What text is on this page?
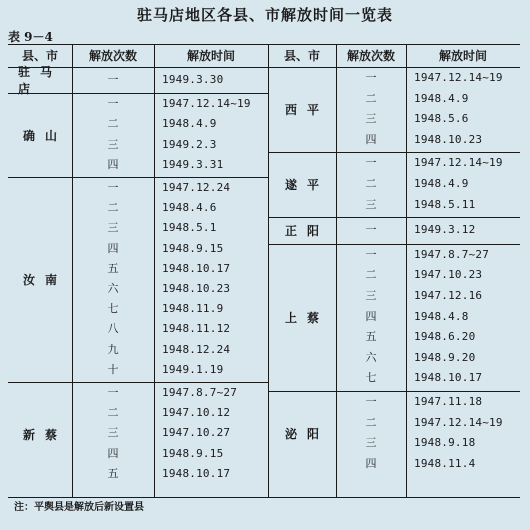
驻马店地区各县、市解放时间一览表
表 9－4
县、市	解放次数	解放时间
驻马店
一	1949.3.30
确山
一	1947.12.14~19
二	1948.4.9
三	1949.2.3
四	1949.3.31
汝南
一	1947.12.24
二	1948.4.6
三	1948.5.1
四	1948.9.15
五	1948.10.17
六	1948.10.23
七	1948.11.9
八	1948.11.12
九	1948.12.24
十	1949.1.19
新蔡
一	1947.8.7~27
二	1947.10.12
三	1947.10.27
四	1948.9.15
五	1948.10.17
县、市	解放次数	解放时间
西平
一	1947.12.14~19
二	1948.4.9
三	1948.5.6
四	1948.10.23
遂平
一	1947.12.14~19
二	1948.4.9
三	1948.5.11
正阳	一	1949.3.12
上蔡
一	1947.8.7~27
二	1947.10.23
三	1947.12.16
四	1948.4.8
五	1948.6.20
六	1948.9.20
七	1948.10.17
泌阳
一	1947.11.18
二	1947.12.14~19
三	1948.9.18
四	1948.11.4
注：平舆县是解放后新设置县
